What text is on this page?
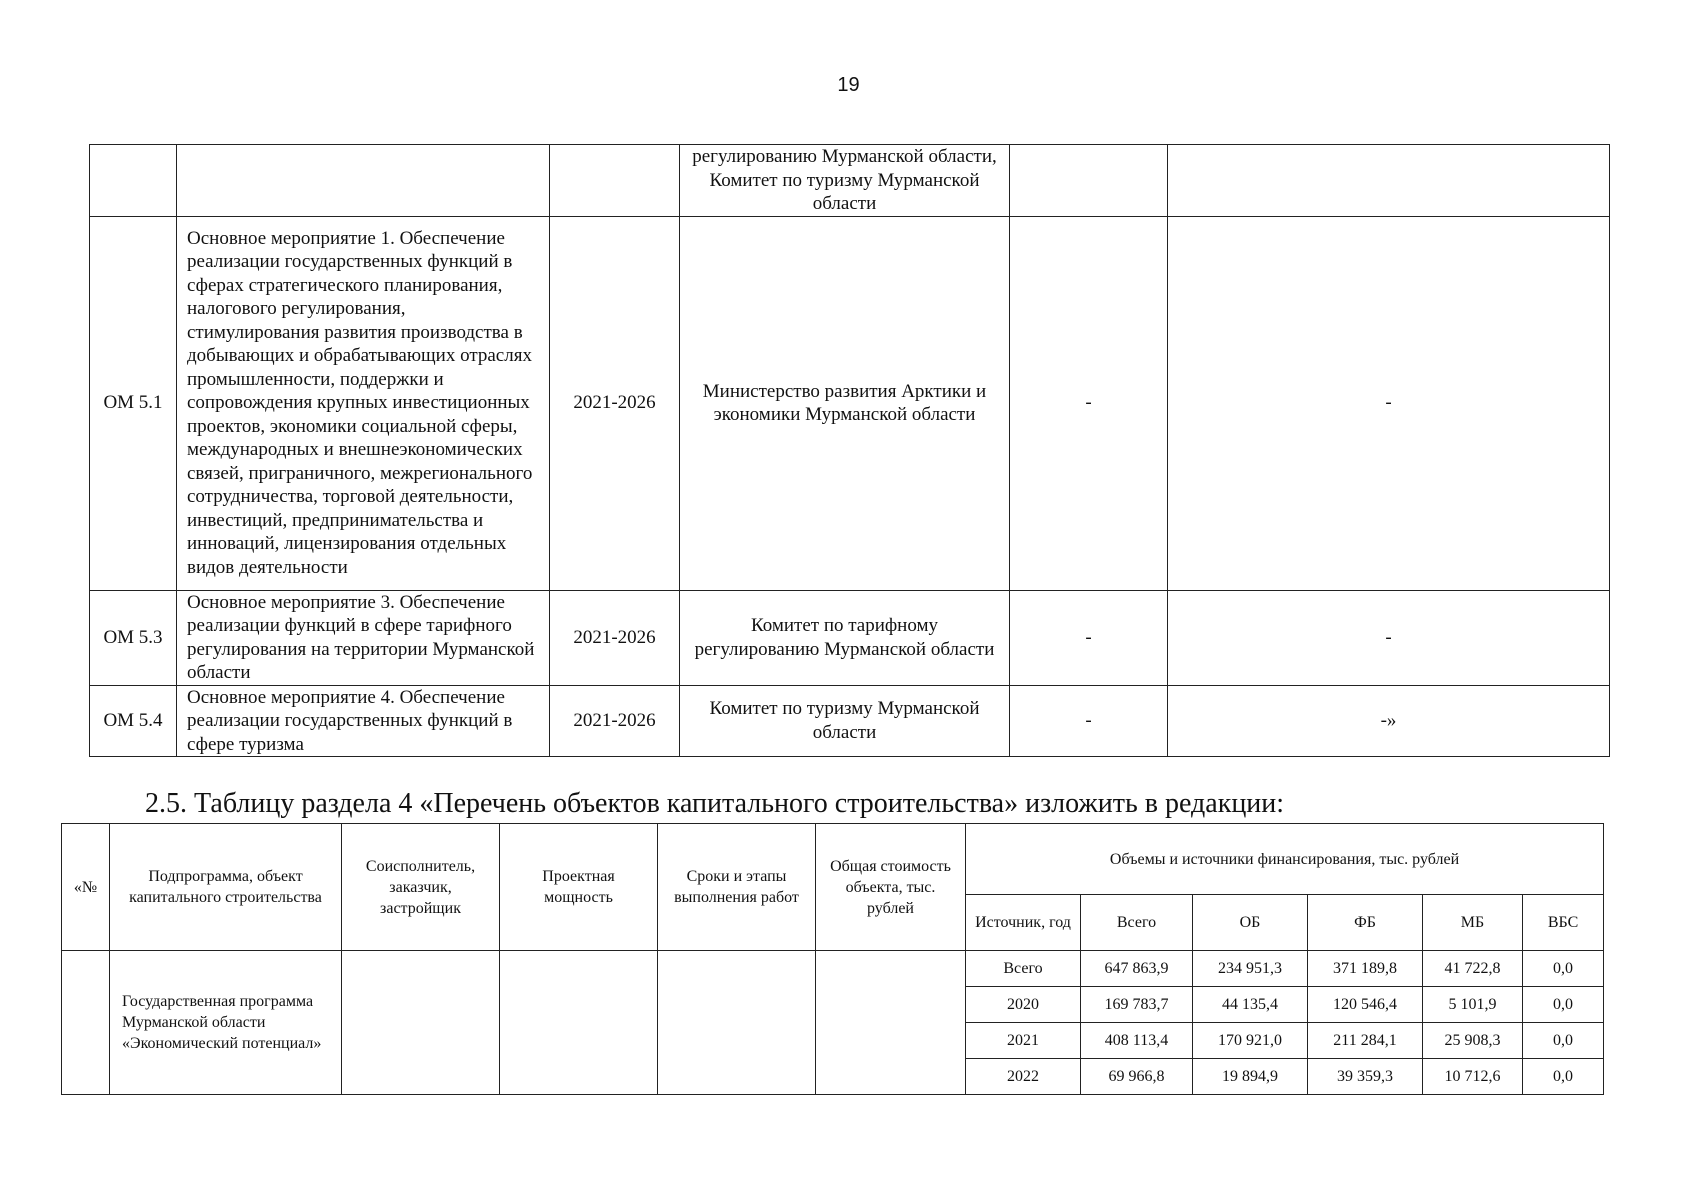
19
			регулированию Мурманской области, Комитет по туризму Мурманской области		
ОМ 5.1	Основное мероприятие 1. Обеспечение реализации государственных функций в сферах стратегического планирования, налогового регулирования, стимулирования развития производства в добывающих и обрабатывающих отраслях промышленности, поддержки и сопровождения крупных инвестиционных проектов, экономики социальной сферы, международных и внешнеэкономических связей, приграничного, межрегионального сотрудничества, торговой деятельности, инвестиций, предпринимательства и инноваций, лицензирования отдельных видов деятельности	2021-2026	Министерство развития Арктики и экономики Мурманской области	-	-
ОМ 5.3	Основное мероприятие 3. Обеспечение реализации функций в сфере тарифного регулирования на территории Мурманской области	2021-2026	Комитет по тарифному регулированию Мурманской области	-	-
ОМ 5.4	Основное мероприятие 4. Обеспечение реализации государственных функций в сфере туризма	2021-2026	Комитет по туризму Мурманской области	-	-»
2.5. Таблицу раздела 4 «Перечень объектов капитального строительства» изложить в редакции:
«№	Подпрограмма, объект капитального строительства	Соисполнитель, заказчик, застройщик	Проектная мощность	Сроки и этапы выполнения работ	Общая стоимость объекта, тыс. рублей	Объемы и источники финансирования, тыс. рублей					
						Источник, год	Всего	ОБ	ФБ	МБ	ВБС
	Государственная программа Мурманской области «Экономический потенциал»					Всего	647 863,9	234 951,3	371 189,8	41 722,8	0,0
						2020	169 783,7	44 135,4	120 546,4	5 101,9	0,0
						2021	408 113,4	170 921,0	211 284,1	25 908,3	0,0
						2022	69 966,8	19 894,9	39 359,3	10 712,6	0,0
